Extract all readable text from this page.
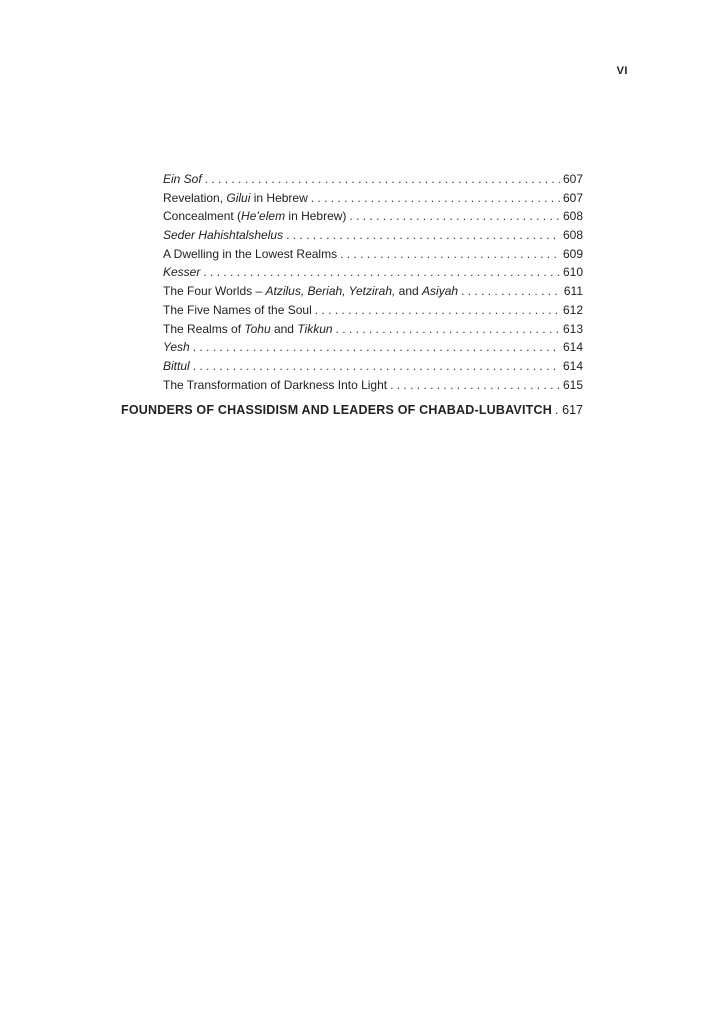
VI
Ein Sof . . .	607
Revelation, Gilui in Hebrew . . .	607
Concealment (He’elem in Hebrew) . . .	608
Seder Hahishtalshelus . . .	608
A Dwelling in the Lowest Realms . . .	609
Kesser . . .	610
The Four Worlds – Atzilus, Beriah, Yetzirah, and Asiyah . . .	611
The Five Names of the Soul . . .	612
The Realms of Tohu and Tikkun . . .	613
Yesh . . .	614
Bittul . . .	614
The Transformation of Darkness Into Light . . .	615
FOUNDERS OF CHASSIDISM AND LEADERS OF CHABAD-LUBAVITCH . . . 617
